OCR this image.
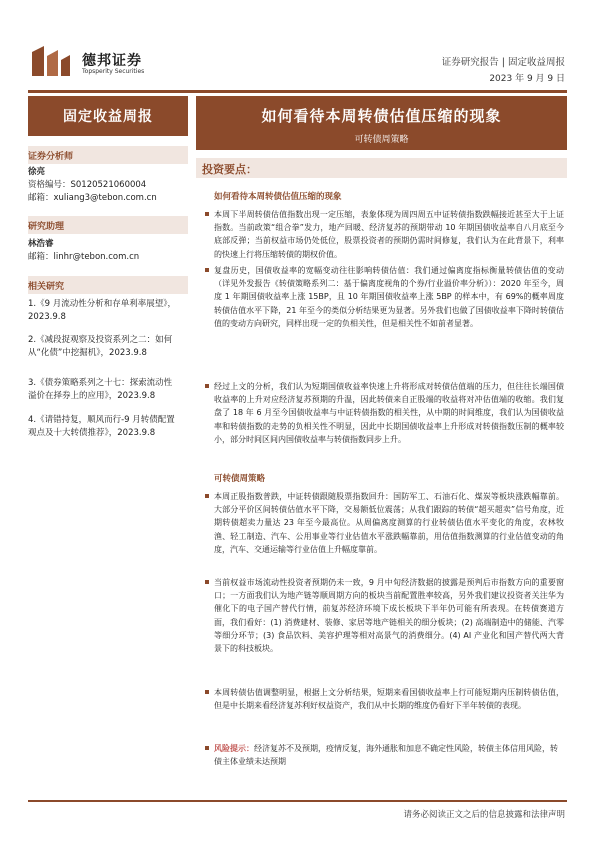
德邦证券
Topsperity Securities
证券研究报告 | 固定收益周报
2023 年 9 月 9 日
固定收益周报
证券分析师
徐亮
资格编号：S0120521060004
邮箱：xuliang3@tebon.com.cn
研究助理
林浩睿
邮箱：linhr@tebon.com.cn
相关研究
1.《9 月流动性分析和存单利率展望》，2023.9.8
2.《减段捉观察及投资系列之二：如何从“化债”中挖掘机》，2023.9.8
3.《债券策略系列之十七：探索流动性溢价在择券上的应用》，2023.9.8
4.《请错持复，顺风而行-9 月转债配置观点及十大转债推荐》，2023.9.8
如何看待本周转债估值压缩的现象
可转债周策略
投资要点：
如何看待本周转债估值压缩的现象
本周下半周转债估值指数出现一定压缩，表象体现为周四周五中证转债指数跌幅接近甚至大于上证指数。当前政策“组合拳”发力，地产回暖、经济复苏的预期带动 10 年期国债收益率自八月底至今底部反弹；当前权益市场仍处低位，股票投资者的预期仍需时间修复，我们认为在此背景下，利率的快速上行将压缩转债的期权价值。
复盘历史，国债收益率的宽幅变动往往影响转债估值：我们通过偏离度指标衡量转债估值的变动（详见外发报告《转债策略系列二：基于偏离度视角的个券/行业溢价率分析》）：2020 年至今，周度 1 年期国债收益率上涨 15BP，且 10 年期国债收益率上涨 5BP 的样本中，有 69%的概率周度转债估值水平下降，21 年至今的类似分析结果更为显著。另外我们也做了国债收益率下降时转债估值的变动方向研究，同样出现一定的负相关性，但是相关性不如前者显著。
经过上文的分析，我们认为短期国债收益率快速上升将形成对转债估值端的压力，但往往长端国债收益率的上升对应经济复苏预期的升温，因此转债来自正股端的收益将对冲估值端的收缩。我们复盘了 18 年 6 月至今国债收益率与中证转债指数的相关性，从中期的时间维度，我们认为国债收益率和转债指数的走势的负相关性不明显，因此中长期国债收益率上升形成对转债指数压制的概率较小，部分时间区间内国债收益率与转债指数同步上升。
可转债周策略
本周正股指数普跌，中证转债跟随股票指数回升：国防军工、石油石化、煤炭等板块涨跌幅靠前。大部分平价区间转债估值水平下降，交易额低位震荡；从我们跟踪的转债“超买超卖”信号角度，近期转债超卖力量达 23 年至今最高位。从周偏离度测算的行业转债估值水平变化的角度，农林牧渔、轻工制造、汽车、公用事业等行业估值水平涨跌幅靠前，用估值指数测算的行业估值变动的角度，汽车、交通运输等行业估值上升幅度靠前。
当前权益市场流动性投资者预期仍未一致，9 月中旬经济数据的披露是预判后市指数方向的重要窗口；一方面我们认为地产链等顺周期方向的板块当前配置胜率较高，另外我们建议投资者关注华为催化下的电子国产替代行情，前复苏经济环境下成长板块下半年仍可能有所表现。在转债赛道方面，我们看好：(1) 消费建材、装修、家居等地产链相关的细分板块；(2) 高端制造中的储能、汽零等细分环节；(3) 食品饮料、美容护理等相对高景气的消费细分。(4) AI 产业化和国产替代两大背景下的科技板块。
本周转债估值调整明显，根据上文分析结果，短期来看国债收益率上行可能短期内压制转债估值，但是中长期来看经济复苏利好权益资产，我们从中长期的维度仍看好下半年转债的表现。
风险提示：经济复苏不及预期，疫情反复，海外通胀和加息不确定性风险，转债主体信用风险，转债主体业绩未达预期
请务必阅读正文之后的信息披露和法律声明
